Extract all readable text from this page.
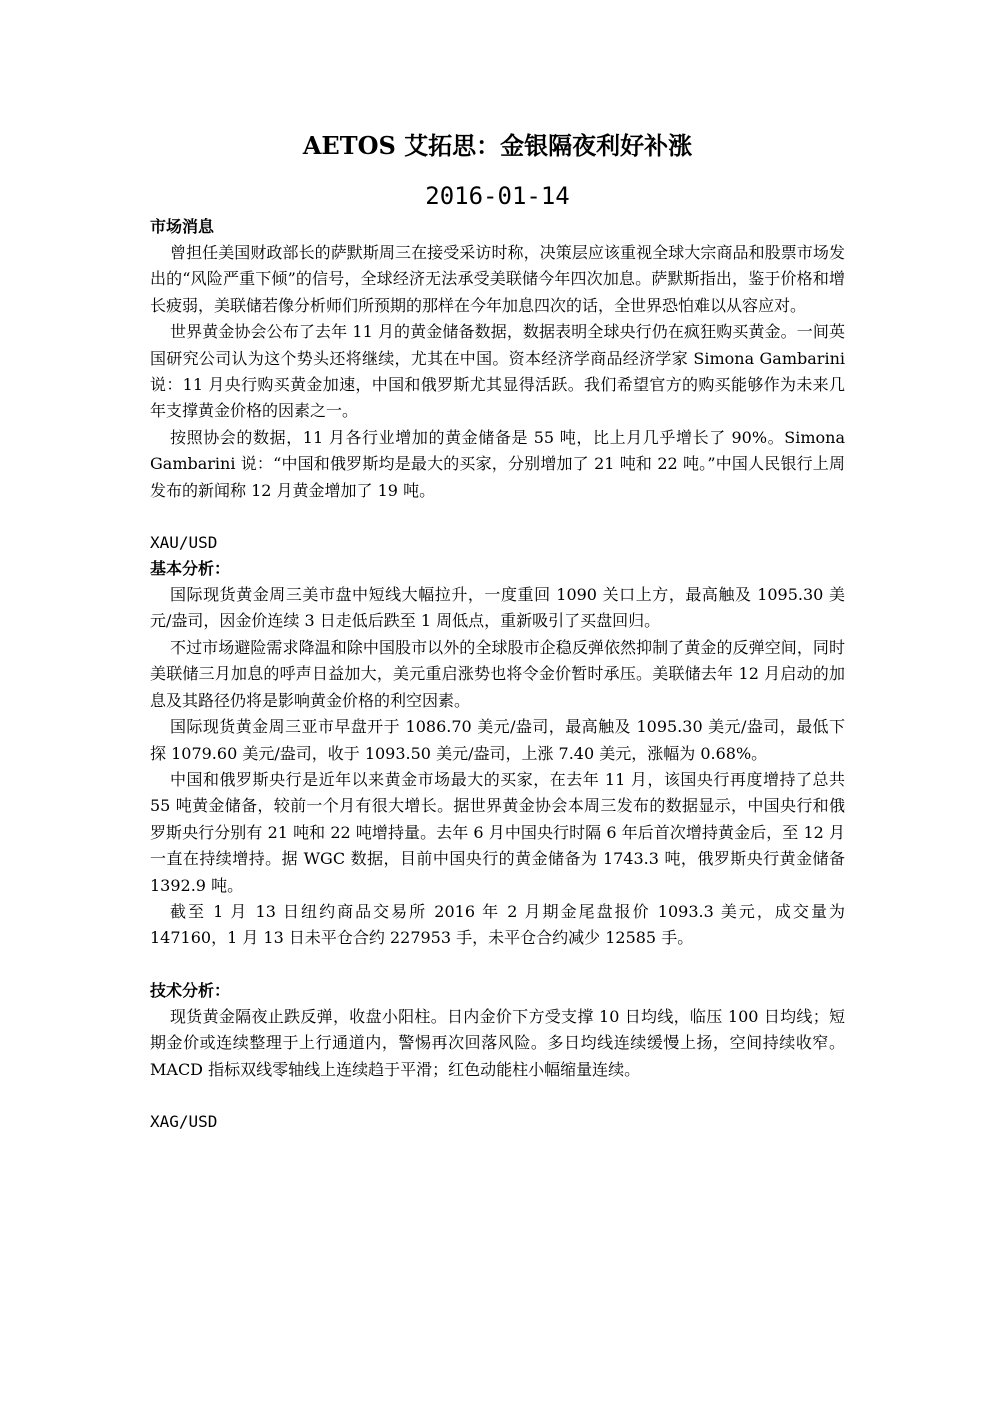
AETOS 艾拓思：金银隔夜利好补涨
2016-01-14
市场消息

曾担任美国财政部长的萨默斯周三在接受采访时称，决策层应该重视全球大宗商品和股票市场发出的“风险严重下倾”的信号，全球经济无法承受美联储今年四次加息。萨默斯指出，鉴于价格和增长疲弱，美联储若像分析师们所预期的那样在今年加息四次的话，全世界恐怕难以从容应对。

世界黄金协会公布了去年 11 月的黄金储备数据，数据表明全球央行仍在疯狂购买黄金。一间英国研究公司认为这个势头还将继续，尤其在中国。资本经济学商品经济学家 Simona Gambarini 说：11 月央行购买黄金加速，中国和俄罗斯尤其显得活跃。我们希望官方的购买能够作为未来几年支撑黄金价格的因素之一。

按照协会的数据，11 月各行业增加的黄金储备是 55 吨，比上月几乎增长了 90%。Simona Gambarini 说：“中国和俄罗斯均是最大的买家，分别增加了 21 吨和 22 吨。”中国人民银行上周发布的新闻称 12 月黄金增加了 19 吨。

XAU/USD
基本分析：

国际现货黄金周三美市盘中短线大幅拉升，一度重回 1090 关口上方，最高触及 1095.30 美元/盎司，因金价连续 3 日走低后跌至 1 周低点，重新吸引了买盘回归。

不过市场避险需求降温和除中国股市以外的全球股市企稳反弹依然抑制了黄金的反弹空间，同时美联储三月加息的呼声日益加大，美元重启涨势也将令金价暂时承压。美联储去年 12 月启动的加息及其路径仍将是影响黄金价格的利空因素。

国际现货黄金周三亚市早盘开于 1086.70 美元/盎司，最高触及 1095.30 美元/盎司，最低下探 1079.60 美元/盎司，收于 1093.50 美元/盎司，上涨 7.40 美元，涨幅为 0.68%。

中国和俄罗斯央行是近年以来黄金市场最大的买家，在去年 11 月，该国央行再度增持了总共 55 吨黄金储备，较前一个月有很大增长。据世界黄金协会本周三发布的数据显示，中国央行和俄罗斯央行分别有 21 吨和 22 吨增持量。去年 6 月中国央行时隔 6 年后首次增持黄金后，至 12 月一直在持续增持。据 WGC 数据，目前中国央行的黄金储备为 1743.3 吨，俄罗斯央行黄金储备 1392.9 吨。

截至 1 月 13 日纽约商品交易所 2016 年 2 月期金尾盘报价 1093.3 美元，成交量为 147160，1 月 13 日未平仓合约 227953 手，未平仓合约减少 12585 手。

技术分析：

现货黄金隔夜止跌反弹，收盘小阳柱。日内金价下方受支撑 10 日均线，临压 100 日均线；短期金价或连续整理于上行通道内，警惕再次回落风险。多日均线连续缓慢上扬，空间持续收窄。MACD 指标双线零轴线上连续趋于平滑；红色动能柱小幅缩量连续。

XAG/USD
